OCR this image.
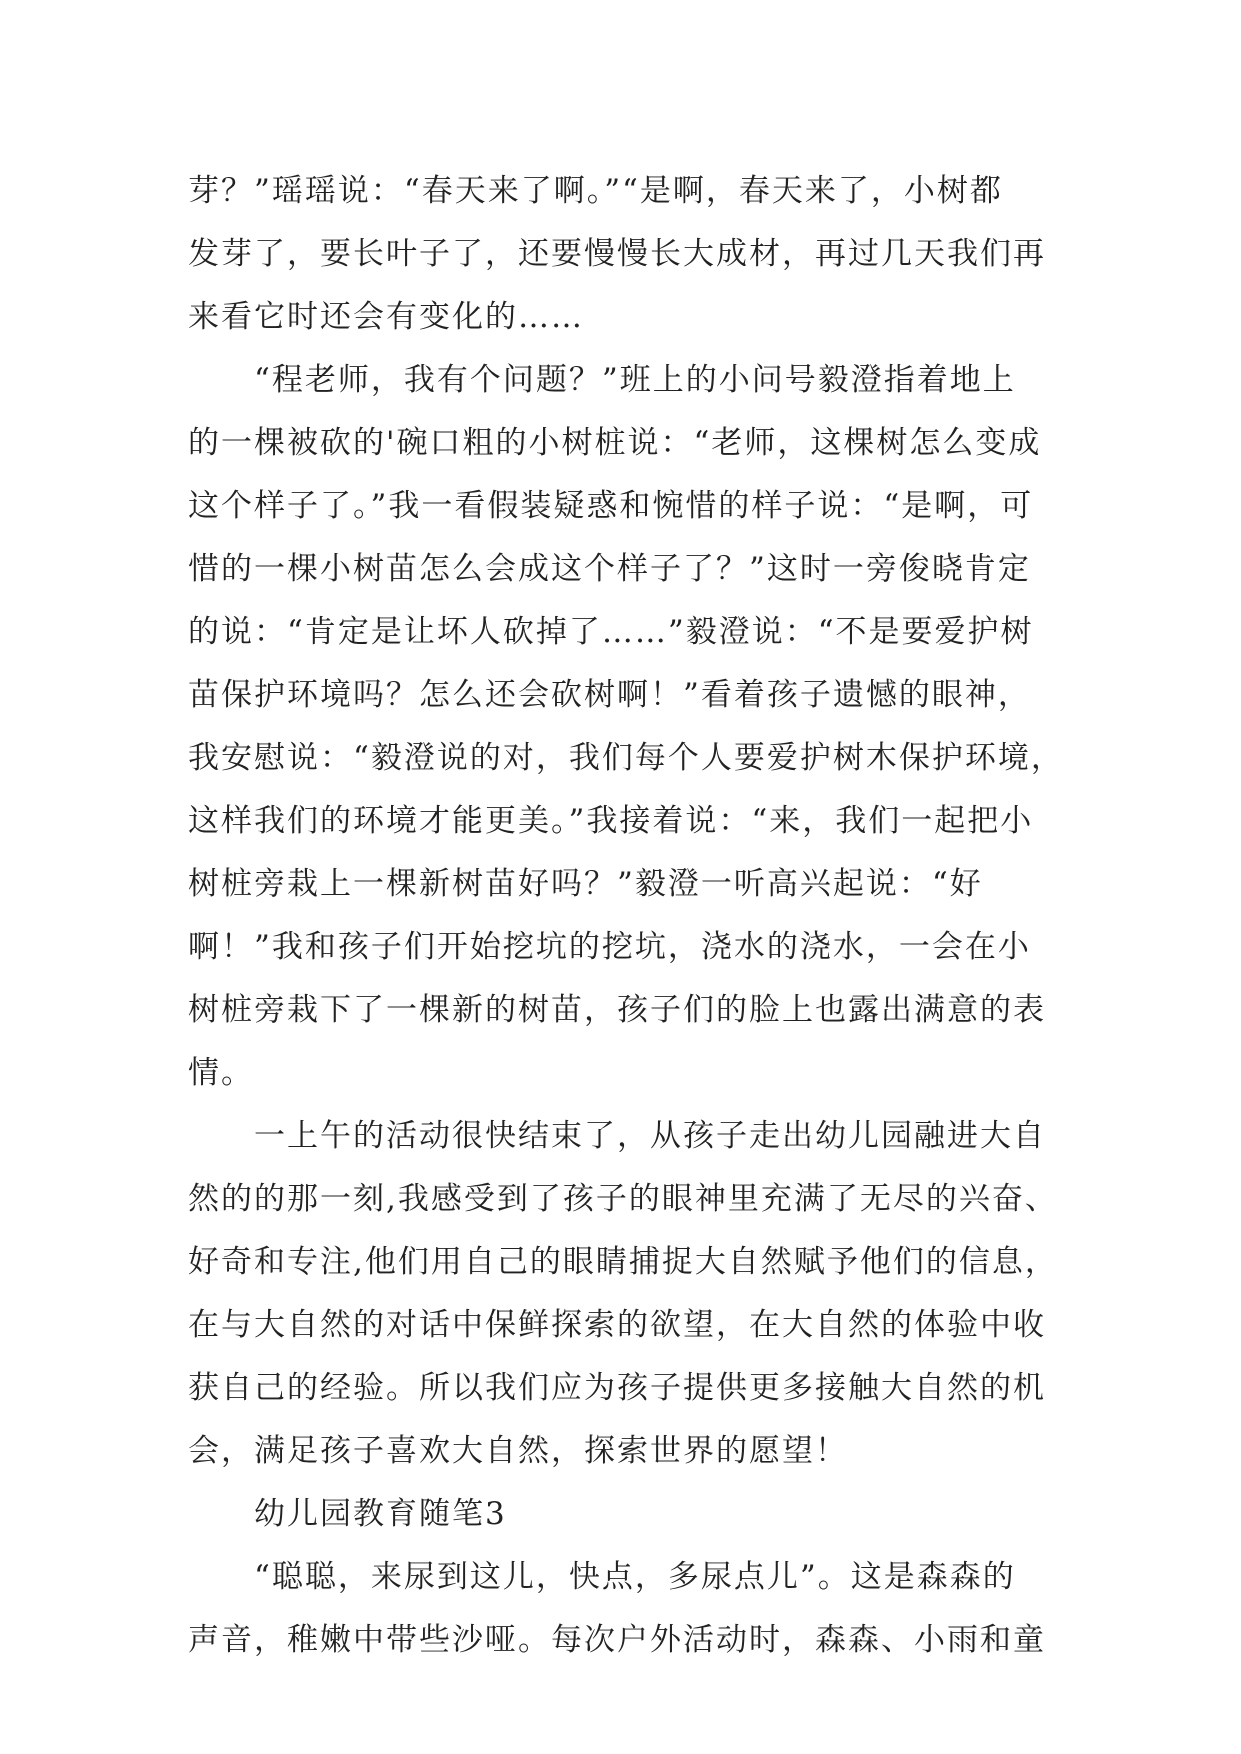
芽？”瑶瑶说：“春天来了啊。”“是啊，春天来了，小树都
发芽了，要长叶子了，还要慢慢长大成材，再过几天我们再
来看它时还会有变化的……
“程老师，我有个问题？”班上的小问号毅澄指着地上
的一棵被砍的'碗口粗的小树桩说：“老师，这棵树怎么变成
这个样子了。”我一看假装疑惑和惋惜的样子说：“是啊，可
惜的一棵小树苗怎么会成这个样子了？”这时一旁俊晓肯定
的说：“肯定是让坏人砍掉了……”毅澄说：“不是要爱护树
苗保护环境吗？怎么还会砍树啊！”看着孩子遗憾的眼神，
我安慰说：“毅澄说的对，我们每个人要爱护树木保护环境，
这样我们的环境才能更美。”我接着说：“来，我们一起把小
树桩旁栽上一棵新树苗好吗？”毅澄一听高兴起说：“好
啊！”我和孩子们开始挖坑的挖坑，浇水的浇水，一会在小
树桩旁栽下了一棵新的树苗，孩子们的脸上也露出满意的表
情。
一上午的活动很快结束了，从孩子走出幼儿园融进大自
然的的那一刻,我感受到了孩子的眼神里充满了无尽的兴奋、
好奇和专注,他们用自己的眼睛捕捉大自然赋予他们的信息，
在与大自然的对话中保鲜探索的欲望，在大自然的体验中收
获自己的经验。所以我们应为孩子提供更多接触大自然的机
会，满足孩子喜欢大自然，探索世界的愿望！
幼儿园教育随笔3
“聪聪，来尿到这儿，快点，多尿点儿”。这是森森的
声音，稚嫩中带些沙哑。每次户外活动时，森森、小雨和童
